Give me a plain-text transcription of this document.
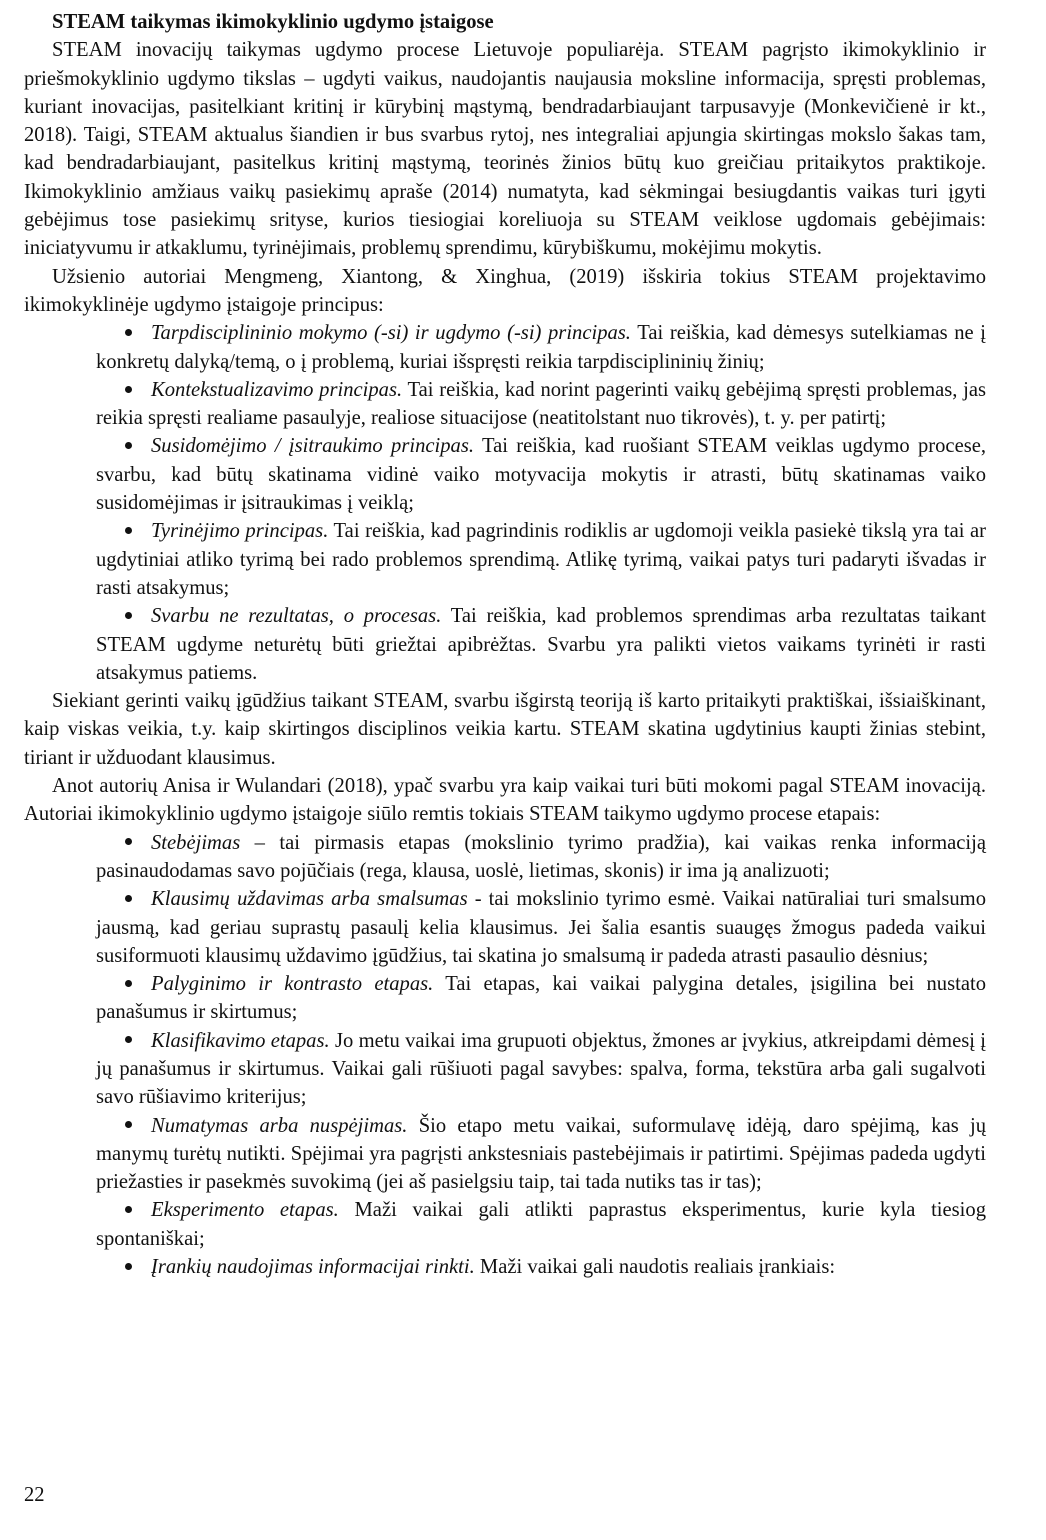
STEAM taikymas ikimokyklinio ugdymo įstaigose

STEAM inovacijų taikymas ugdymo procese Lietuvoje populiarėja. STEAM pagrįsto ikimokyklinio ir priešmokyklinio ugdymo tikslas – ugdyti vaikus, naudojantis naujausia moksline informacija, spręsti problemas, kuriant inovacijas, pasitelkiant kritinį ir kūrybinį mąstymą, bendradarbiaujant tarpusavyje (Monkevičienė ir kt., 2018). Taigi, STEAM aktualus šiandien ir bus svarbus rytoj, nes integraliai apjungia skirtingas mokslo šakas tam, kad bendradarbiaujant, pasitelkus kritinį mąstymą, teorinės žinios būtų kuo greičiau pritaikytos praktikoje. Ikimokyklinio amžiaus vaikų pasiekimų apraše (2014) numatyta, kad sėkmingai besiugdantis vaikas turi įgyti gebėjimus tose pasiekimų srityse, kurios tiesiogiai koreliuoja su STEAM veiklose ugdomais gebėjimais: iniciatyvumu ir atkaklumu, tyrinėjimais, problemų sprendimu, kūrybiškumu, mokėjimu mokytis.

Užsienio autoriai Mengmeng, Xiantong, & Xinghua, (2019) išskiria tokius STEAM projektavimo ikimokyklinėje ugdymo įstaigoje principus:

Tarpdisciplininio mokymo (-si) ir ugdymo (-si) principas. Tai reiškia, kad dėmesys sutelkiamas ne į konkretų dalyką/temą, o į problemą, kuriai išspręsti reikia tarpdisciplininių žinių;
Kontekstualizavimo principas. Tai reiškia, kad norint pagerinti vaikų gebėjimą spręsti problemas, jas reikia spręsti realiame pasaulyje, realiose situacijose (neatitolstant nuo tikrovės), t. y. per patirtį;
Susidomėjimo / įsitraukimo principas. Tai reiškia, kad ruošiant STEAM veiklas ugdymo procese, svarbu, kad būtų skatinama vidinė vaiko motyvacija mokytis ir atrasti, būtų skatinamas vaiko susidomėjimas ir įsitraukimas į veiklą;
Tyrinėjimo principas. Tai reiškia, kad pagrindinis rodiklis ar ugdomoji veikla pasiekė tikslą yra tai ar ugdytiniai atliko tyrimą bei rado problemos sprendimą. Atlikę tyrimą, vaikai patys turi padaryti išvadas ir rasti atsakymus;
Svarbu ne rezultatas, o procesas. Tai reiškia, kad problemos sprendimas arba rezultatas taikant STEAM ugdyme neturėtų būti griežtai apibrėžtas. Svarbu yra palikti vietos vaikams tyrinėti ir rasti atsakymus patiems.

Siekiant gerinti vaikų įgūdžius taikant STEAM, svarbu išgirstą teoriją iš karto pritaikyti praktiškai, išsiaiškinant, kaip viskas veikia, t.y. kaip skirtingos disciplinos veikia kartu. STEAM skatina ugdytinius kaupti žinias stebint, tiriant ir užduodant klausimus.

Anot autorių Anisa ir Wulandari (2018), ypač svarbu yra kaip vaikai turi būti mokomi pagal STEAM inovaciją. Autoriai ikimokyklinio ugdymo įstaigoje siūlo remtis tokiais STEAM taikymo ugdymo procese etapais:

Stebėjimas – tai pirmasis etapas (mokslinio tyrimo pradžia), kai vaikas renka informaciją pasinaudodamas savo pojūčiais (rega, klausa, uoslė, lietimas, skonis) ir ima ją analizuoti;
Klausimų uždavimas arba smalsumas - tai mokslinio tyrimo esmė. Vaikai natūraliai turi smalsumo jausmą, kad geriau suprastų pasaulį kelia klausimus. Jei šalia esantis suaugęs žmogus padeda vaikui susiformuoti klausimų uždavimo įgūdžius, tai skatina jo smalsumą ir padeda atrasti pasaulio dėsnius;
Palyginimo ir kontrasto etapas. Tai etapas, kai vaikai palygina detales, įsigilina bei nustato panašumus ir skirtumus;
Klasifikavimo etapas. Jo metu vaikai ima grupuoti objektus, žmones ar įvykius, atkreipdami dėmesį į jų panašumus ir skirtumus. Vaikai gali rūšiuoti pagal savybes: spalva, forma, tekstūra arba gali sugalvoti savo rūšiavimo kriterijus;
Numatymas arba nuspėjimas. Šio etapo metu vaikai, suformulavę idėją, daro spėjimą, kas jų manymų turėtų nutikti. Spėjimai yra pagrįsti ankstesniais pastebėjimais ir patirtimi. Spėjimas padeda ugdyti priežasties ir pasekmės suvokimą (jei aš pasielgsiu taip, tai tada nutiks tas ir tas);
Eksperimento etapas. Maži vaikai gali atlikti paprastus eksperimentus, kurie kyla tiesiog spontaniškai;
Įrankių naudojimas informacijai rinkti. Maži vaikai gali naudotis realiais įrankiais:
22
